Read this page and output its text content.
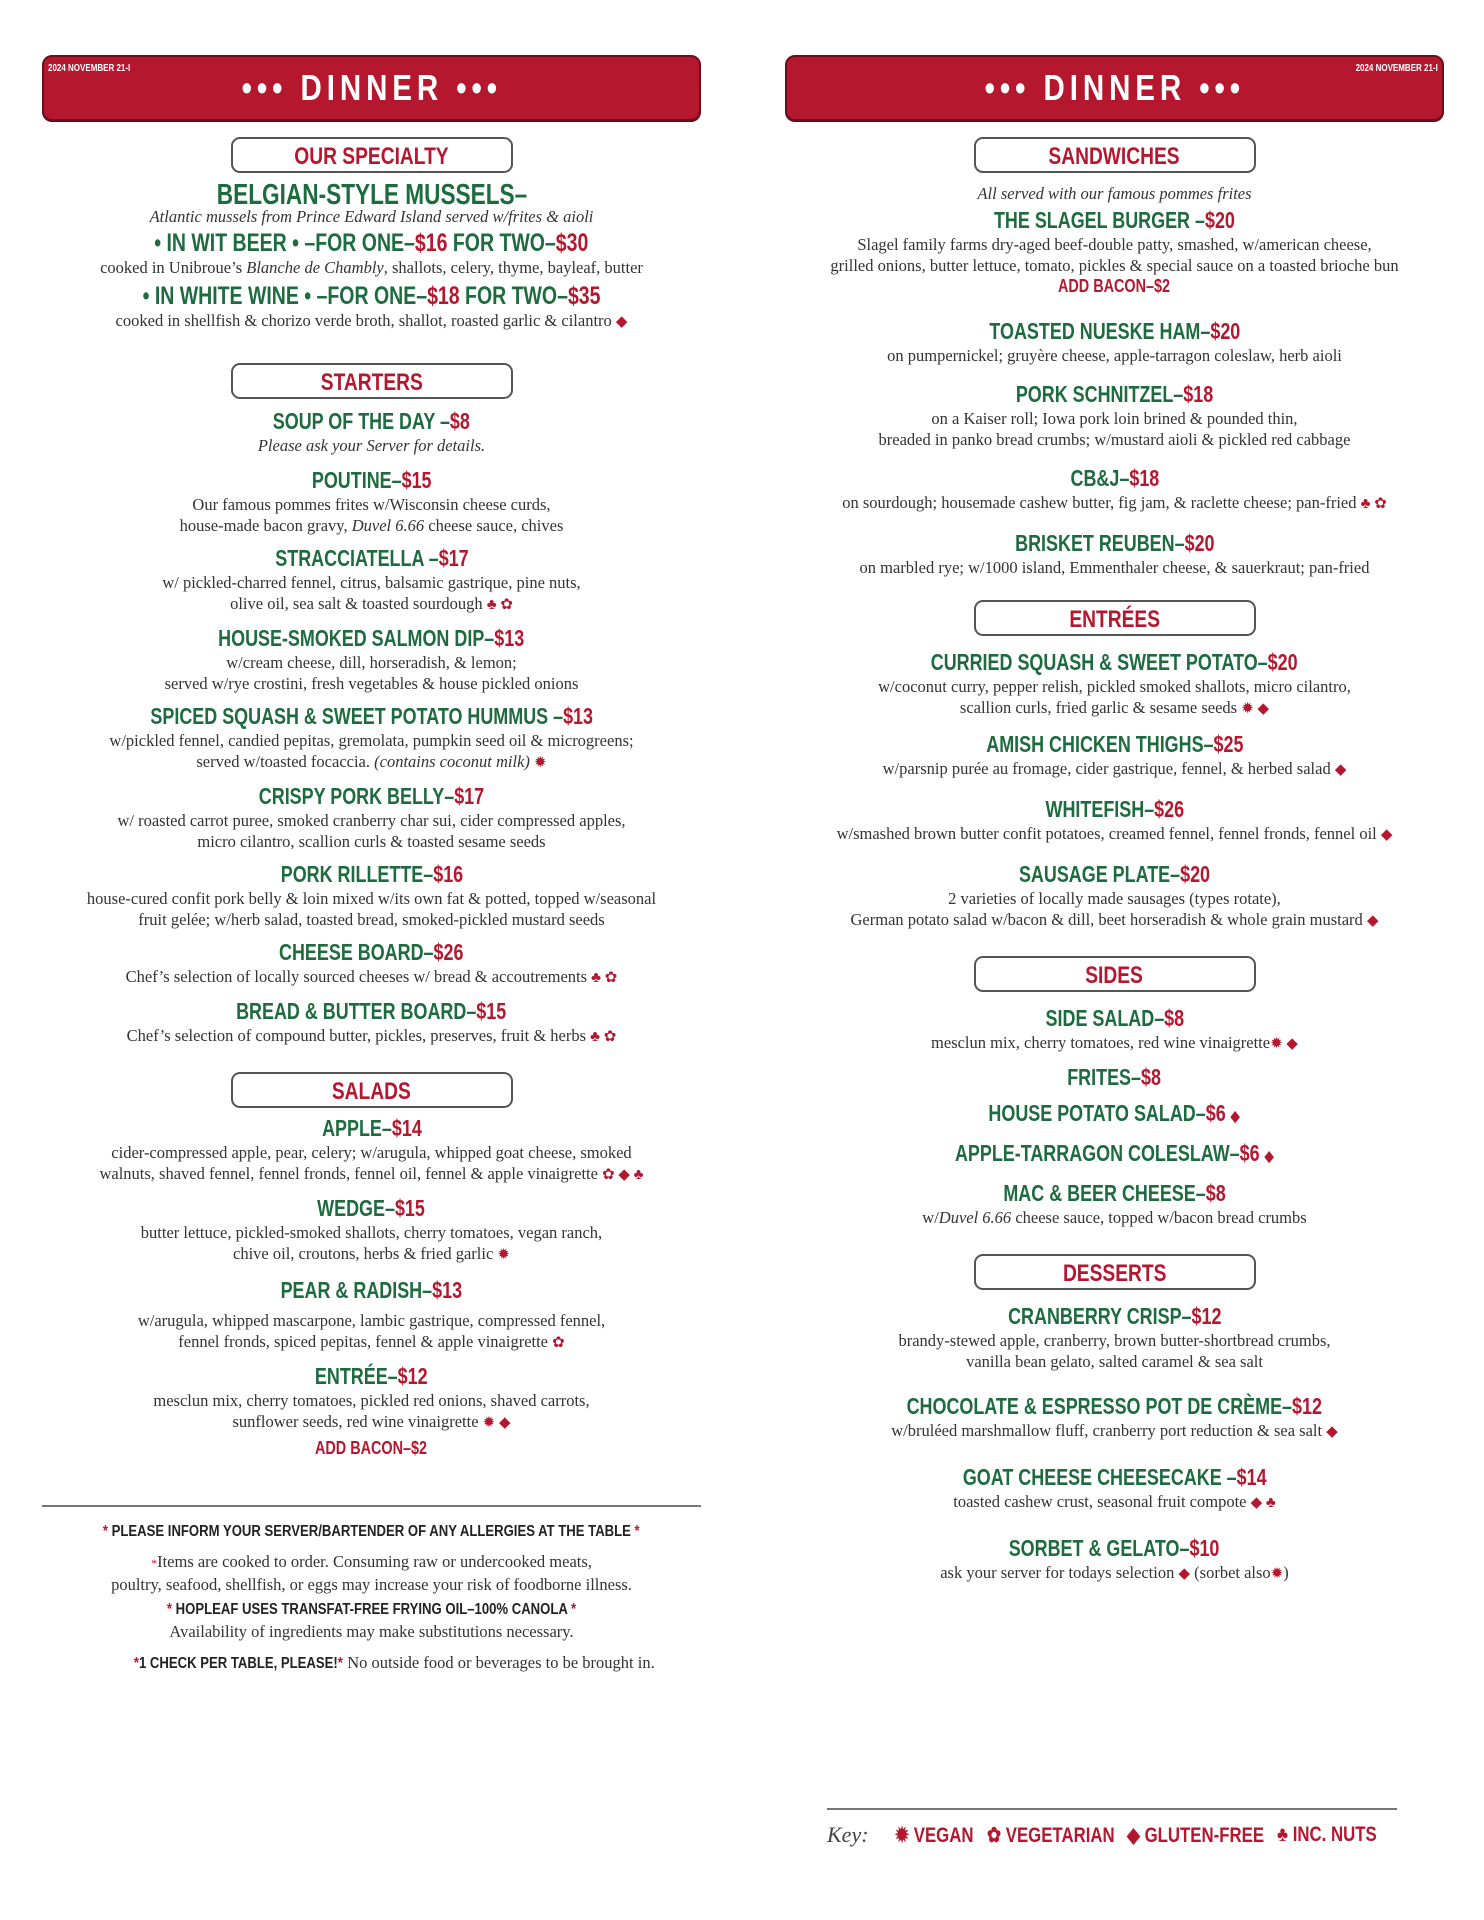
2024 NOVEMBER 21-I	••• DINNER •••
OUR SPECIALTY
BELGIAN-STYLE MUSSELS–
Atlantic mussels from Prince Edward Island served w/frites & aioli
• IN WIT BEER • –FOR ONE–$16 FOR TWO–$30
cooked in Unibroue’s Blanche de Chambly, shallots, celery, thyme, bayleaf, butter
• IN WHITE WINE • –FOR ONE–$18 FOR TWO–$35
cooked in shellfish & chorizo verde broth, shallot, roasted garlic & cilantro ◆
STARTERS
SOUP OF THE DAY –$8
Please ask your Server for details.
POUTINE–$15
Our famous pommes frites w/Wisconsin cheese curds,
house-made bacon gravy, Duvel 6.66 cheese sauce, chives
STRACCIATELLA –$17
w/ pickled-charred fennel, citrus, balsamic gastrique, pine nuts,
olive oil, sea salt & toasted sourdough ♣ ✿
HOUSE-SMOKED SALMON DIP–$13
w/cream cheese, dill, horseradish, & lemon;
served w/rye crostini, fresh vegetables & house pickled onions
SPICED SQUASH & SWEET POTATO HUMMUS –$13
w/pickled fennel, candied pepitas, gremolata, pumpkin seed oil & microgreens;
served w/toasted focaccia. (contains coconut milk) ✹
CRISPY PORK BELLY–$17
w/ roasted carrot puree, smoked cranberry char sui, cider compressed apples,
micro cilantro, scallion curls & toasted sesame seeds
PORK RILLETTE–$16
house-cured confit pork belly & loin mixed w/its own fat & potted, topped w/seasonal
fruit gelée; w/herb salad, toasted bread, smoked-pickled mustard seeds
CHEESE BOARD–$26
Chef’s selection of locally sourced cheeses w/ bread & accoutrements ♣ ✿
BREAD & BUTTER BOARD–$15
Chef’s selection of compound butter, pickles, preserves, fruit & herbs ♣ ✿
SALADS
APPLE–$14
cider-compressed apple, pear, celery; w/arugula, whipped goat cheese, smoked
walnuts, shaved fennel, fennel fronds, fennel oil, fennel & apple vinaigrette ✿ ◆ ♣
WEDGE–$15
butter lettuce, pickled-smoked shallots, cherry tomatoes, vegan ranch,
chive oil, croutons, herbs & fried garlic ✹
PEAR & RADISH–$13
w/arugula, whipped mascarpone, lambic gastrique, compressed fennel,
fennel fronds, spiced pepitas, fennel & apple vinaigrette ✿
ENTRÉE–$12
mesclun mix, cherry tomatoes, pickled red onions, shaved carrots,
sunflower seeds, red wine vinaigrette ✹ ◆
ADD BACON–$2
* PLEASE INFORM YOUR SERVER/BARTENDER OF ANY ALLERGIES AT THE TABLE *
*Items are cooked to order. Consuming raw or undercooked meats,
poultry, seafood, shellfish, or eggs may increase your risk of foodborne illness.
* HOPLEAF USES TRANSFAT-FREE FRYING OIL–100% CANOLA *
Availability of ingredients may make substitutions necessary.
*1 CHECK PER TABLE, PLEASE!* No outside food or beverages to be brought in.
2024 NOVEMBER 21-I
••• DINNER •••
SANDWICHES
All served with our famous pommes frites
THE SLAGEL BURGER –$20
Slagel family farms dry-aged beef-double patty, smashed, w/american cheese,
grilled onions, butter lettuce, tomato, pickles & special sauce on a toasted brioche bun
ADD BACON–$2
TOASTED NUESKE HAM–$20
on pumpernickel; gruyère cheese, apple-tarragon coleslaw, herb aioli
PORK SCHNITZEL–$18
on a Kaiser roll; Iowa pork loin brined & pounded thin,
breaded in panko bread crumbs; w/mustard aioli & pickled red cabbage
CB&J–$18
on sourdough; housemade cashew butter, fig jam, & raclette cheese; pan-fried ♣ ✿
BRISKET REUBEN–$20
on marbled rye; w/1000 island, Emmenthaler cheese, & sauerkraut; pan-fried
ENTRÉES
CURRIED SQUASH & SWEET POTATO–$20
w/coconut curry, pepper relish, pickled smoked shallots, micro cilantro,
scallion curls, fried garlic & sesame seeds ✹ ◆
AMISH CHICKEN THIGHS–$25
w/parsnip purée au fromage, cider gastrique, fennel, & herbed salad ◆
WHITEFISH–$26
w/smashed brown butter confit potatoes, creamed fennel, fennel fronds, fennel oil ◆
SAUSAGE PLATE–$20
2 varieties of locally made sausages (types rotate),
German potato salad w/bacon & dill, beet horseradish & whole grain mustard ◆
SIDES
SIDE SALAD–$8
mesclun mix, cherry tomatoes, red wine vinaigrette✹ ◆
FRITES–$8
HOUSE POTATO SALAD–$6 ◆
APPLE-TARRAGON COLESLAW–$6 ◆
MAC & BEER CHEESE–$8
w/Duvel 6.66 cheese sauce, topped w/bacon bread crumbs
DESSERTS
CRANBERRY CRISP–$12
brandy-stewed apple, cranberry, brown butter-shortbread crumbs,
vanilla bean gelato, salted caramel & sea salt
CHOCOLATE & ESPRESSO POT DE CRÈME–$12
w/bruléed marshmallow fluff, cranberry port reduction & sea salt ◆
GOAT CHEESE CHEESECAKE –$14
toasted cashew crust, seasonal fruit compote ◆ ♣
SORBET & GELATO–$10
ask your server for todays selection ◆ (sorbet also✹)
Key: ✹ VEGAN ✿ VEGETARIAN ◆ GLUTEN-FREE ♣ INC. NUTS
